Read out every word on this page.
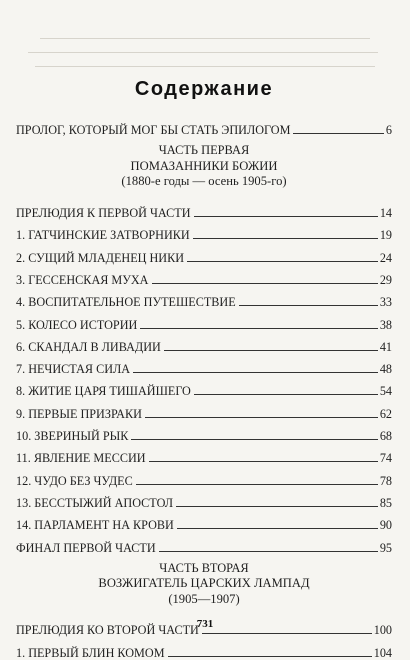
Содержание
ПРОЛОГ, КОТОРЫЙ МОГ БЫ СТАТЬ ЭПИЛОГОМ	6
ЧАСТЬ ПЕРВАЯ
ПОМАЗАННИКИ БОЖИИ
(1880-е годы — осень 1905-го)
ПРЕЛЮДИЯ К ПЕРВОЙ ЧАСТИ	14
1. ГАТЧИНСКИЕ ЗАТВОРНИКИ	19
2. СУЩИЙ МЛАДЕНЕЦ НИКИ	24
3. ГЕССЕНСКАЯ МУХА	29
4. ВОСПИТАТЕЛЬНОЕ ПУТЕШЕСТВИЕ	33
5. КОЛЕСО ИСТОРИИ	38
6. СКАНДАЛ В ЛИВАДИИ	41
7. НЕЧИСТАЯ СИЛА	48
8. ЖИТИЕ ЦАРЯ ТИШАЙШЕГО	54
9. ПЕРВЫЕ ПРИЗРАКИ	62
10. ЗВЕРИНЫЙ РЫК	68
11. ЯВЛЕНИЕ МЕССИИ	74
12. ЧУДО БЕЗ ЧУДЕС	78
13. БЕССТЫЖИЙ АПОСТОЛ	85
14. ПАРЛАМЕНТ НА КРОВИ	90
ФИНАЛ ПЕРВОЙ ЧАСТИ	95
ЧАСТЬ ВТОРАЯ
ВОЗЖИГАТЕЛЬ ЦАРСКИХ ЛАМПАД
(1905—1907)
ПРЕЛЮДИЯ КО ВТОРОЙ ЧАСТИ	100
1. ПЕРВЫЙ БЛИН КОМОМ	104
731
